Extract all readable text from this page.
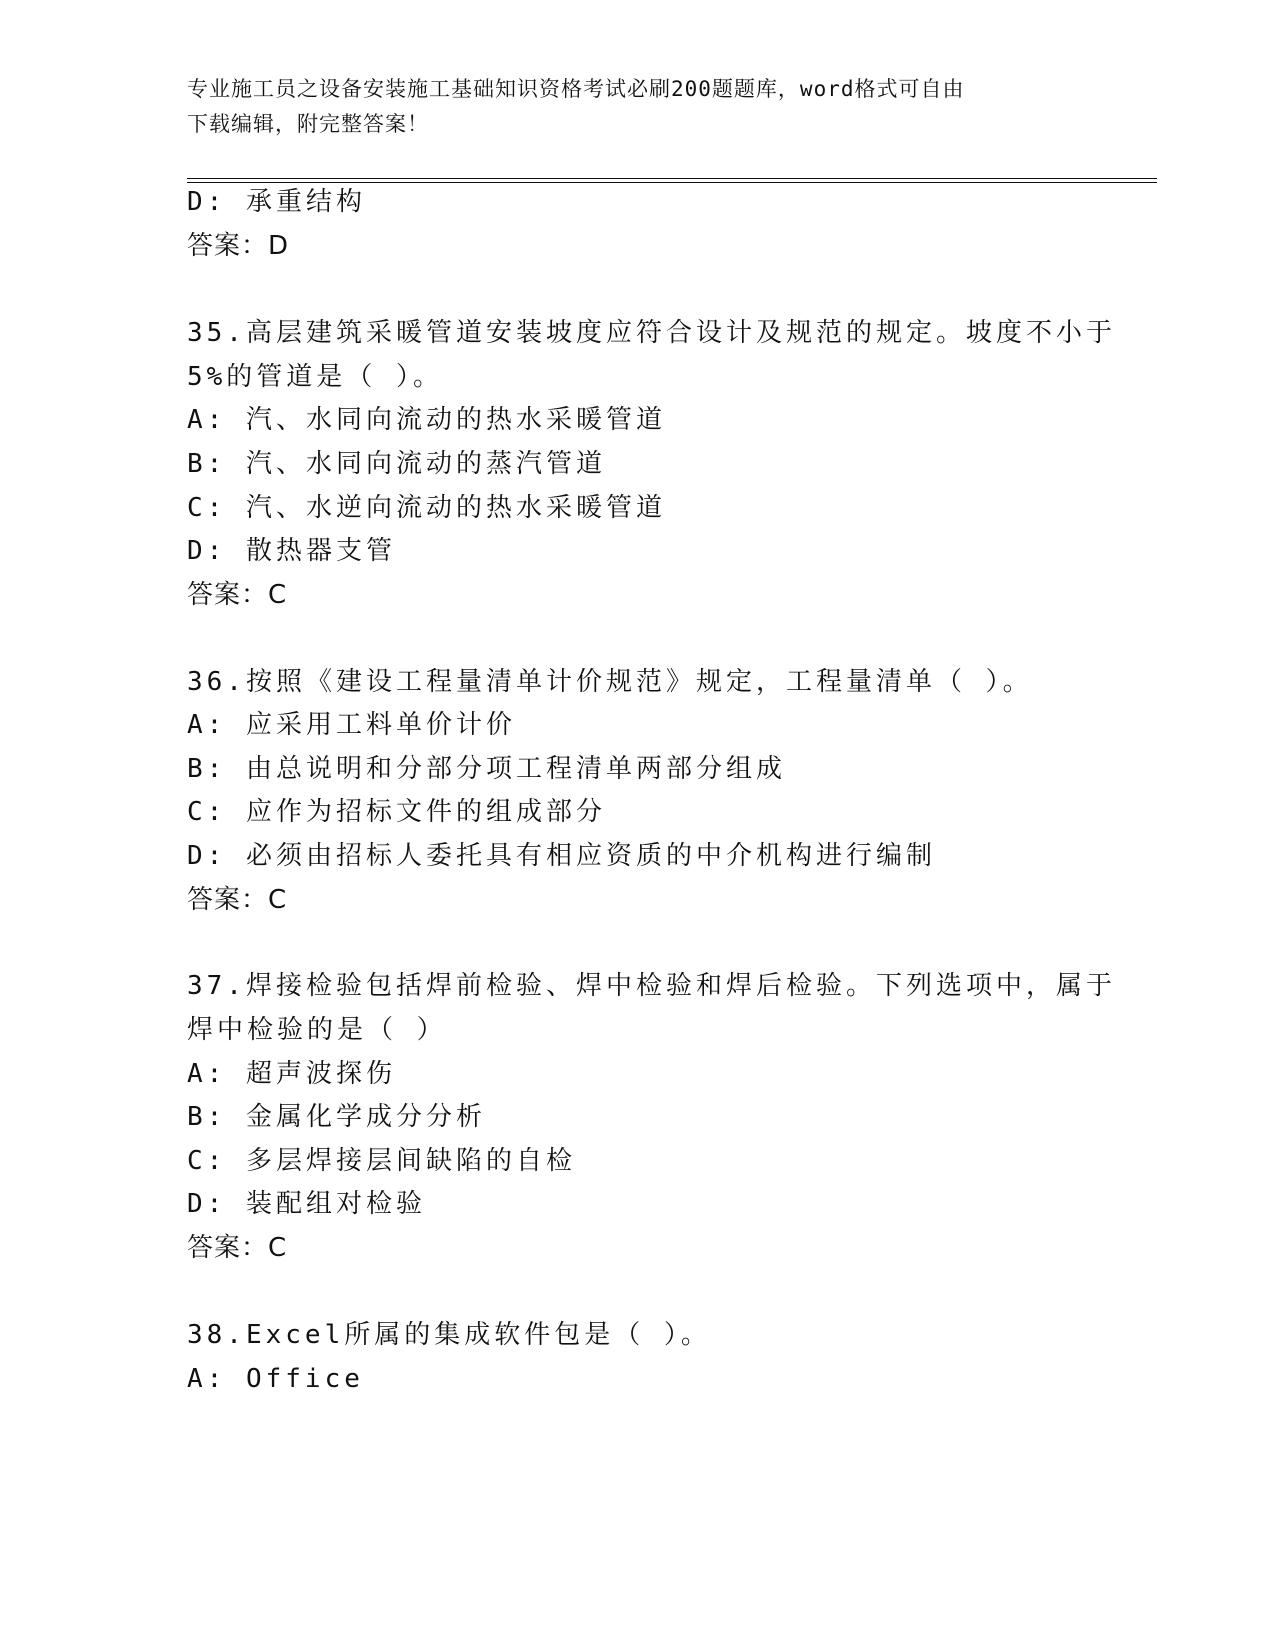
专业施工员之设备安装施工基础知识资格考试必刷200题题库，word格式可自由
下载编辑，附完整答案！
D: 承重结构
答案：D
35.高层建筑采暖管道安装坡度应符合设计及规范的规定。坡度不小于
5%的管道是（ ）。
A: 汽、水同向流动的热水采暖管道
B: 汽、水同向流动的蒸汽管道
C: 汽、水逆向流动的热水采暖管道
D: 散热器支管
答案：C
36.按照《建设工程量清单计价规范》规定，工程量清单（ ）。
A: 应采用工料单价计价
B: 由总说明和分部分项工程清单两部分组成
C: 应作为招标文件的组成部分
D: 必须由招标人委托具有相应资质的中介机构进行编制
答案：C
37.焊接检验包括焊前检验、焊中检验和焊后检验。下列选项中，属于
焊中检验的是（ ）
A: 超声波探伤
B: 金属化学成分分析
C: 多层焊接层间缺陷的自检
D: 装配组对检验
答案：C
38.Excel所属的集成软件包是（ ）。
A: Office
